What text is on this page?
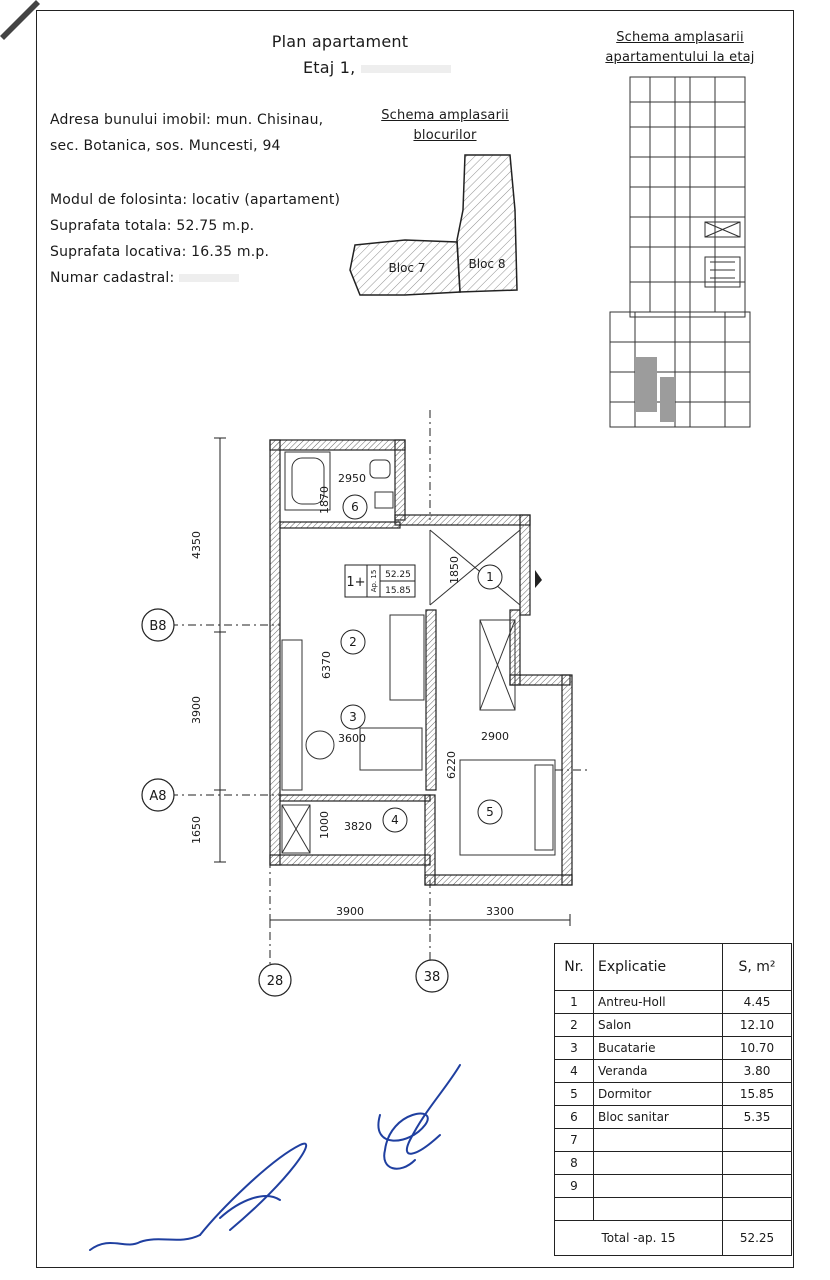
Plan apartament
Etaj 1,
Adresa bunului imobil: mun. Chisinau,
sec. Botanica, sos. Muncesti, 94
Modul de folosinta: locativ (apartament)
Suprafata totala: 52.75 m.p.
Suprafata locativa: 16.35 m.p.
Numar cadastral:
Schema amplasarii
blocurilor
Bloc 7	Bloc 8
Schema amplasarii
apartamentului la etaj
B8
A8
28	38
4350
3900
1650
2950
1870
1850
6370
3600	2900
6220
1000 3820
3900	3300
1
2
3
4
5
6
1+ Ap. 15 52.25
15.85
Nr.	Explicatie	S, m²
1	Antreu-Holl	4.45
2	Salon	12.10
3	Bucatarie	10.70
4	Veranda	3.80
5	Dormitor	15.85
6	Bloc sanitar	5.35
7		
8		
9		

Total -ap. 15		52.25
